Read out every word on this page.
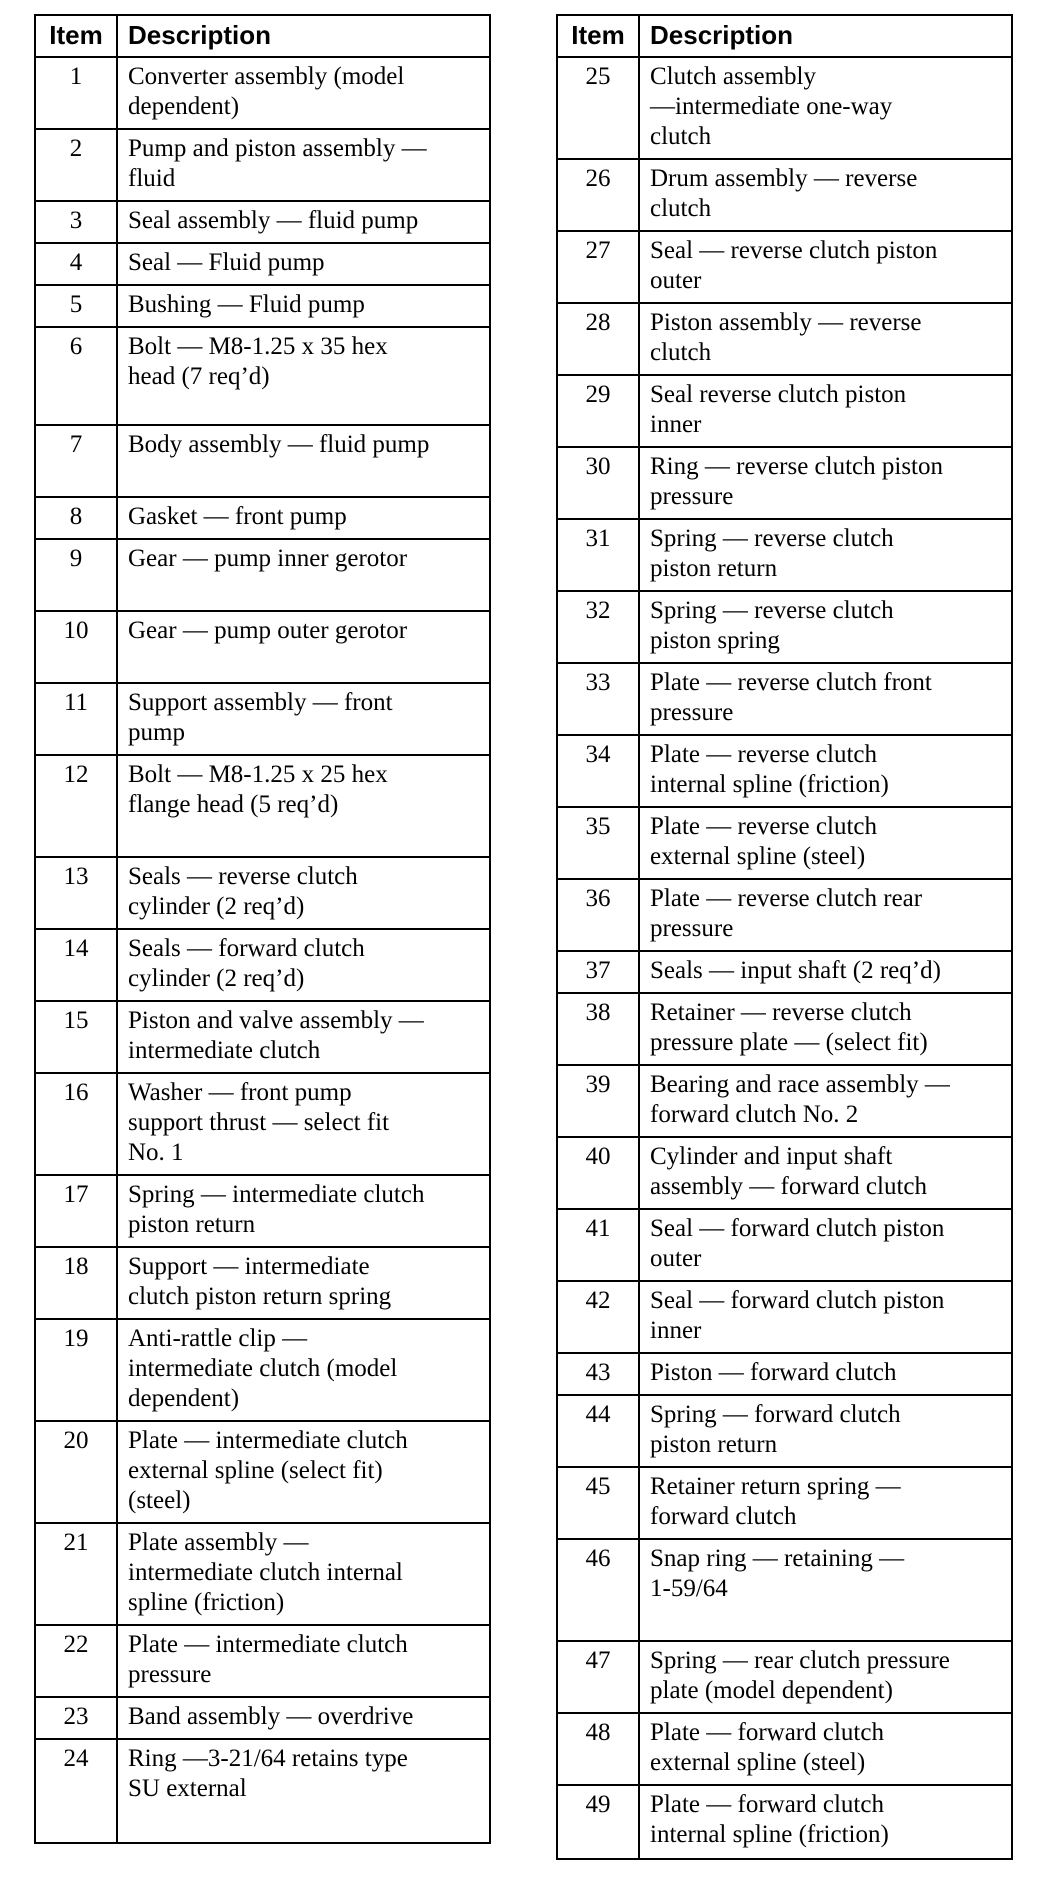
Item Description
1	Converter assembly (model
dependent)
2	Pump and piston assembly —
fluid
3	Seal assembly — fluid pump
4	Seal — Fluid pump
5	Bushing — Fluid pump
6	Bolt — M8-1.25 x 35 hex
head (7 req’d)
7	Body assembly — fluid pump
8	Gasket — front pump
9	Gear — pump inner gerotor
10	Gear — pump outer gerotor
11	Support assembly — front
pump
12	Bolt — M8-1.25 x 25 hex
flange head (5 req’d)
13	Seals — reverse clutch
cylinder (2 req’d)
14	Seals — forward clutch
cylinder (2 req’d)
15	Piston and valve assembly —
intermediate clutch
16	Washer — front pump
support thrust — select fit
No. 1
17	Spring — intermediate clutch
piston return
18	Support — intermediate
clutch piston return spring
19	Anti-rattle clip —
intermediate clutch (model
dependent)
20	Plate — intermediate clutch
external spline (select fit)
(steel)
21	Plate assembly —
intermediate clutch internal
spline (friction)
22	Plate — intermediate clutch
pressure
23	Band assembly — overdrive
24	Ring —3-21/64 retains type
SU external
Item Description
25	Clutch assembly
—intermediate one-way
clutch
26	Drum assembly — reverse
clutch
27	Seal — reverse clutch piston
outer
28	Piston assembly — reverse
clutch
29	Seal reverse clutch piston
inner
30	Ring — reverse clutch piston
pressure
31	Spring — reverse clutch
piston return
32	Spring — reverse clutch
piston spring
33	Plate — reverse clutch front
pressure
34	Plate — reverse clutch
internal spline (friction)
35	Plate — reverse clutch
external spline (steel)
36	Plate — reverse clutch rear
pressure
37	Seals — input shaft (2 req’d)
38	Retainer — reverse clutch
pressure plate — (select fit)
39	Bearing and race assembly —
forward clutch No. 2
40	Cylinder and input shaft
assembly — forward clutch
41	Seal — forward clutch piston
outer
42	Seal — forward clutch piston
inner
43	Piston — forward clutch
44	Spring — forward clutch
piston return
45	Retainer return spring —
forward clutch
46	Snap ring — retaining —
1-59/64
47	Spring — rear clutch pressure
plate (model dependent)
48	Plate — forward clutch
external spline (steel)
49	Plate — forward clutch
internal spline (friction)
